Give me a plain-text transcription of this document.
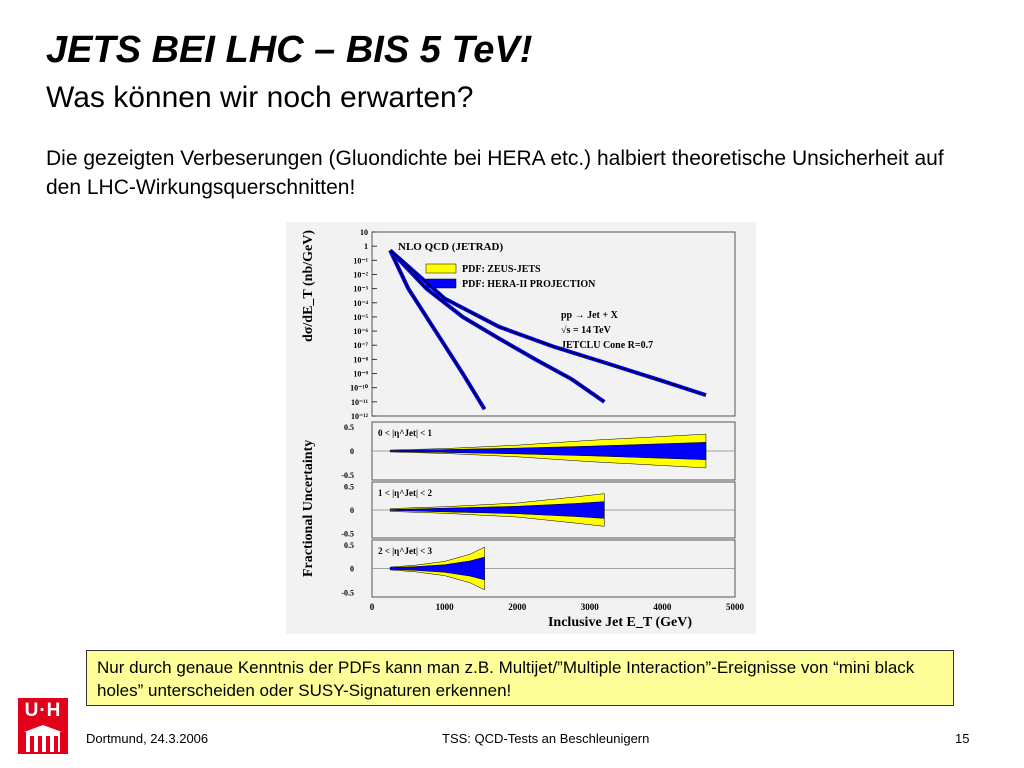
JETS BEI LHC – BIS 5 TeV!
Was können wir noch erwarten?
Die gezeigten Verbeserungen (Gluondichte bei HERA etc.) halbiert theoretische Unsicherheit auf den LHC-Wirkungsquerschnitten!
10
1
10⁻¹
10⁻²
10⁻³
10⁻⁴
10⁻⁵
10⁻⁶
10⁻⁷
10⁻⁸
10⁻⁹
10⁻¹⁰
10⁻¹¹
10⁻¹²
dσ/dE_T (nb/GeV)	NLO QCD (JETRAD)
PDF: ZEUS-JETS
PDF: HERA-II PROJECTION
pp → Jet + X
√s = 14 TeV
JETCLU Cone R=0.7
Fractional Uncertainty
0.5
0
-0.5
0 < |η^Jet| < 1
0.5
0
-0.5
1 < |η^Jet| < 2
0.5
0
-0.5
2 < |η^Jet| < 3
0	1000	2000	3000	4000	5000
Inclusive Jet E_T (GeV)
Nur durch genaue Kenntnis der PDFs kann man z.B. Multijet/”Multiple Interaction”-Ereignisse von “mini black holes” unterscheiden oder SUSY-Signaturen erkennen!
U·H
Dortmund, 24.3.2006	TSS: QCD-Tests an Beschleunigern	15
